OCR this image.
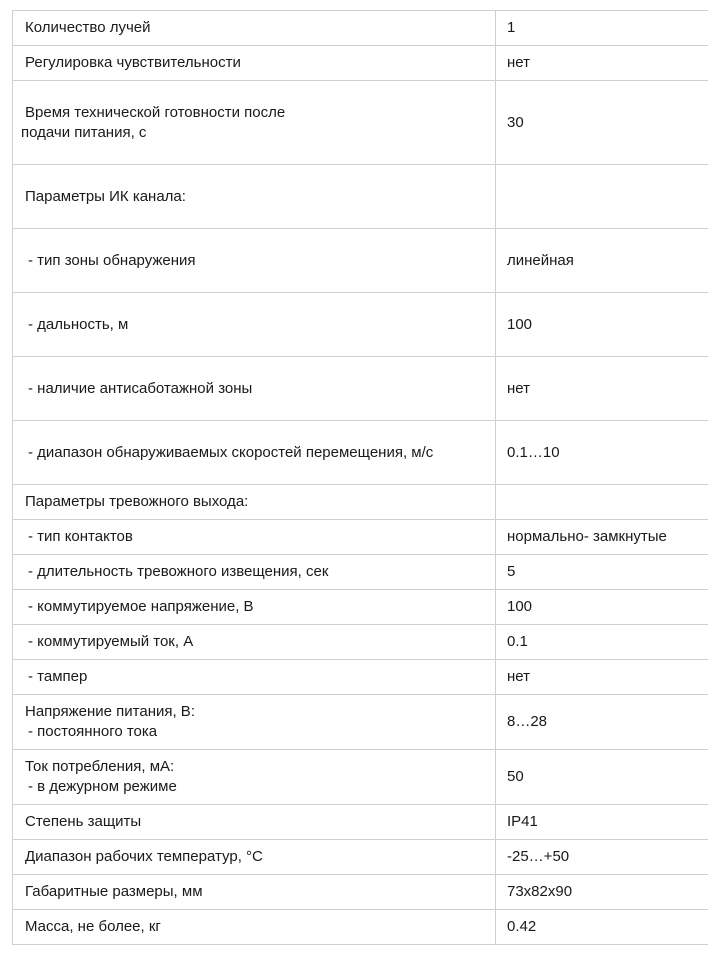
Количество лучей	1

Регулировка чувствительности	нет

Время технической готовности после
подачи питания, с	30

Параметры ИК канала:	

- тип зоны обнаружения	линейная

- дальность, м	100

- наличие антисаботажной зоны	нет

- диапазон обнаруживаемых скоростей перемещения, м/с	0.1…10

Параметры тревожного выхода:	

- тип контактов	нормально- замкнутые

- длительность тревожного извещения, сек	5

- коммутируемое напряжение, В	100

- коммутируемый ток, А	0.1

- тампер	нет

Напряжение питания, В:
- постоянного тока	8…28

Ток потребления, мА:
- в дежурном режиме	50

Степень защиты	IP41

Диапазон рабочих температур, °С	-25…+50

Габаритные размеры, мм	73х82х90

Масса, не более, кг	0.42
